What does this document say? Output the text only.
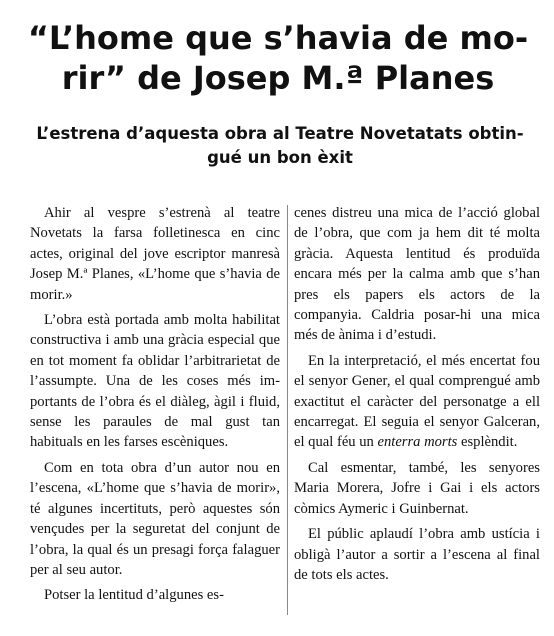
“L’home que s’havia de morir” de Josep M.ª Planes
L’estrena d’aquesta obra al Teatre Novetatats obtingué un bon èxit

Ahir al vespre s’estrenà al teatre Novetats la farsa folletinesca en cinc actes, original del jove escriptor manresà Josep M.ª Planes, «L’home que s’havia de morir.»

L’obra està portada amb molta habilitat constructiva i amb una gràcia especial que en tot moment fa oblidar l’arbitrarietat de l’assumpte. Una de les coses més importants de l’obra és el diàleg, àgil i fluid, sense les paraules de mal gust tan habituals en les farses escèniques.

Com en tota obra d’un autor nou en l’escena, «L’home que s’havia de morir», té algunes incertituts, però aquestes són vençudes per la seguretat del conjunt de l’obra, la qual és un presagi força falaguer per al seu autor.

Potser la lentitud d’algunes es-

cenes distreu una mica de l’acció global de l’obra, que com ja hem dit té molta gràcia. Aquesta lentitud és produïda encara més per la calma amb que s’han pres els papers els actors de la companyia. Caldria posar-hi una mica més de ànima i d’estudi.

En la interpretació, el més encertat fou el senyor Gener, el qual comprengué amb exactitut el caràcter del personatge a ell encarregat. El seguia el senyor Galceran, el qual féu un enterra morts esplèndit.

Cal esmentar, també, les senyores Maria Morera, Jofre i Gai i els actors còmics Aymeric i Guinbernat.

El públic aplaudí l’obra amb ustícia i obligà l’autor a sortir a l’escena al final de tots els actes.
